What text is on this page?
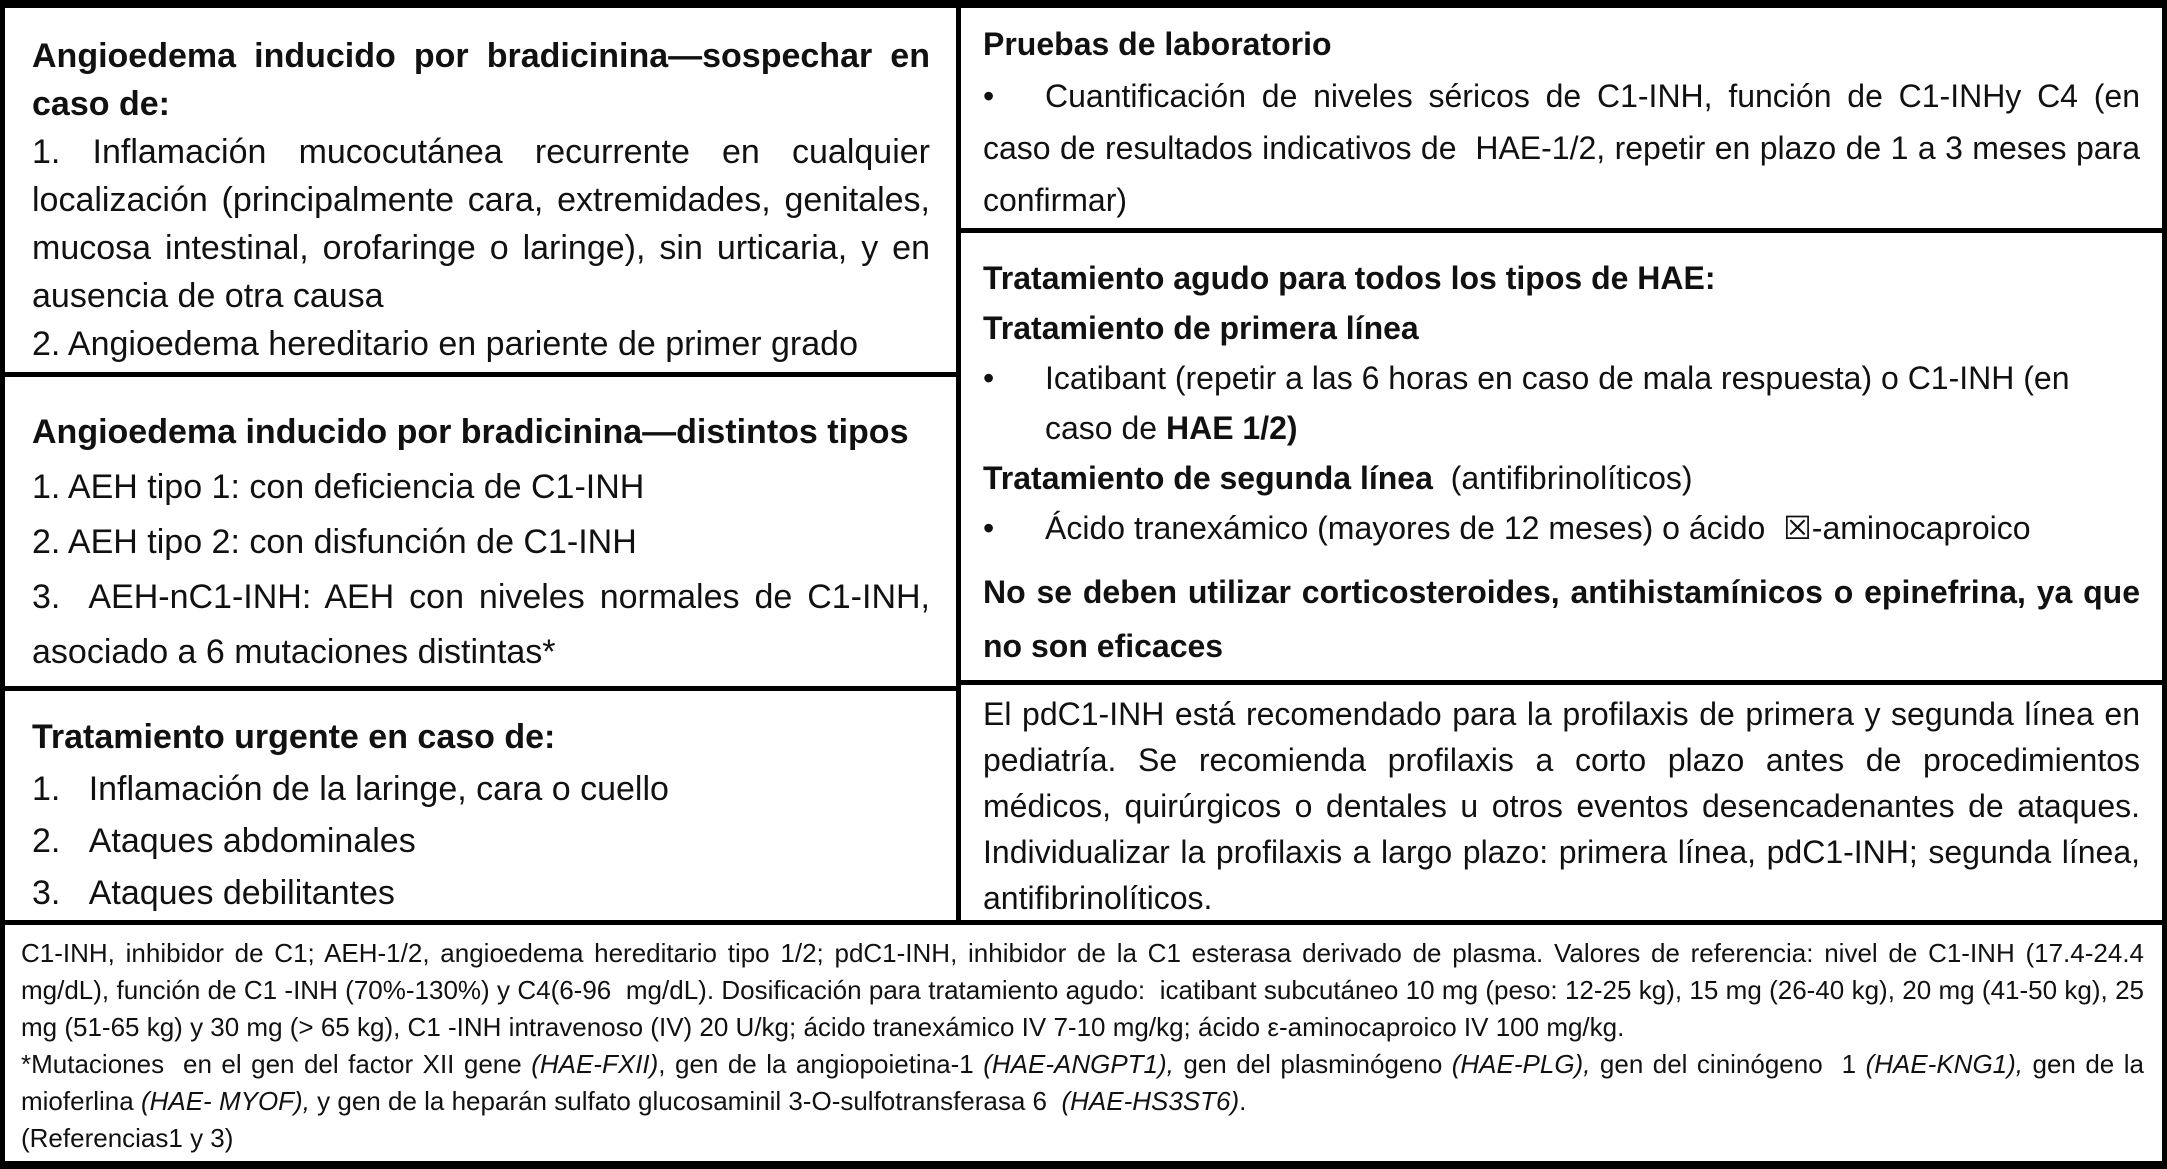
Angioedema inducido por bradicinina—sospechar en caso de:

1. Inflamación mucocutánea recurrente en cualquier localización (principalmente cara, extremidades, genitales, mucosa intestinal, orofaringe o laringe), sin urticaria, y en ausencia de otra causa

2. Angioedema hereditario en pariente de primer grado

Angioedema inducido por bradicinina—distintos tipos

1. AEH tipo 1: con deficiencia de C1-INH

2. AEH tipo 2: con disfunción de C1-INH

3.  AEH-nC1-INH: AEH con niveles normales de C1-INH, asociado a 6 mutaciones distintas*

Tratamiento urgente en caso de:

1.   Inflamación de la laringe, cara o cuello

2.   Ataques abdominales

3.   Ataques debilitantes

Pruebas de laboratorio

• Cuantificación de niveles séricos de C1-INH, función de C1-INHy C4 (en caso de resultados indicativos de  HAE-1/2, repetir en plazo de 1 a 3 meses para confirmar)

Tratamiento agudo para todos los tipos de HAE:

Tratamiento de primera línea

• Icatibant (repetir a las 6 horas en caso de mala respuesta) o C1-INH (en caso de HAE 1/2)

Tratamiento de segunda línea  (antifibrinolíticos)

• Ácido tranexámico (mayores de 12 meses) o ácido  ☒-aminocaproico

No se deben utilizar corticosteroides, antihistamínicos o epinefrina, ya que no son eficaces

El pdC1-INH está recomendado para la profilaxis de primera y segunda línea en pediatría. Se recomienda profilaxis a corto plazo antes de procedimientos médicos, quirúrgicos o dentales u otros eventos desencadenantes de ataques. Individualizar la profilaxis a largo plazo: primera línea, pdC1-INH; segunda línea, antifibrinolíticos.

C1-INH, inhibidor de C1; AEH-1/2, angioedema hereditario tipo 1/2; pdC1-INH, inhibidor de la C1 esterasa derivado de plasma. Valores de referencia: nivel de C1-INH (17.4-24.4 mg/dL), función de C1 -INH (70%-130%) y C4(6-96  mg/dL). Dosificación para tratamiento agudo:  icatibant subcutáneo 10 mg (peso: 12-25 kg), 15 mg (26-40 kg), 20 mg (41-50 kg), 25 mg (51-65 kg) y 30 mg (> 65 kg), C1 -INH intravenoso (IV) 20 U/kg; ácido tranexámico IV 7-10 mg/kg; ácido ε-aminocaproico IV 100 mg/kg.

*Mutaciones  en el gen del factor XII gene (HAE-FXII), gen de la angiopoietina-1 (HAE-ANGPT1), gen del plasminógeno (HAE-PLG), gen del cininógeno  1 (HAE-KNG1), gen de la mioferlina (HAE- MYOF), y gen de la heparán sulfato glucosaminil 3-O-sulfotransferasa 6  (HAE-HS3ST6).

(Referencias1 y 3)
